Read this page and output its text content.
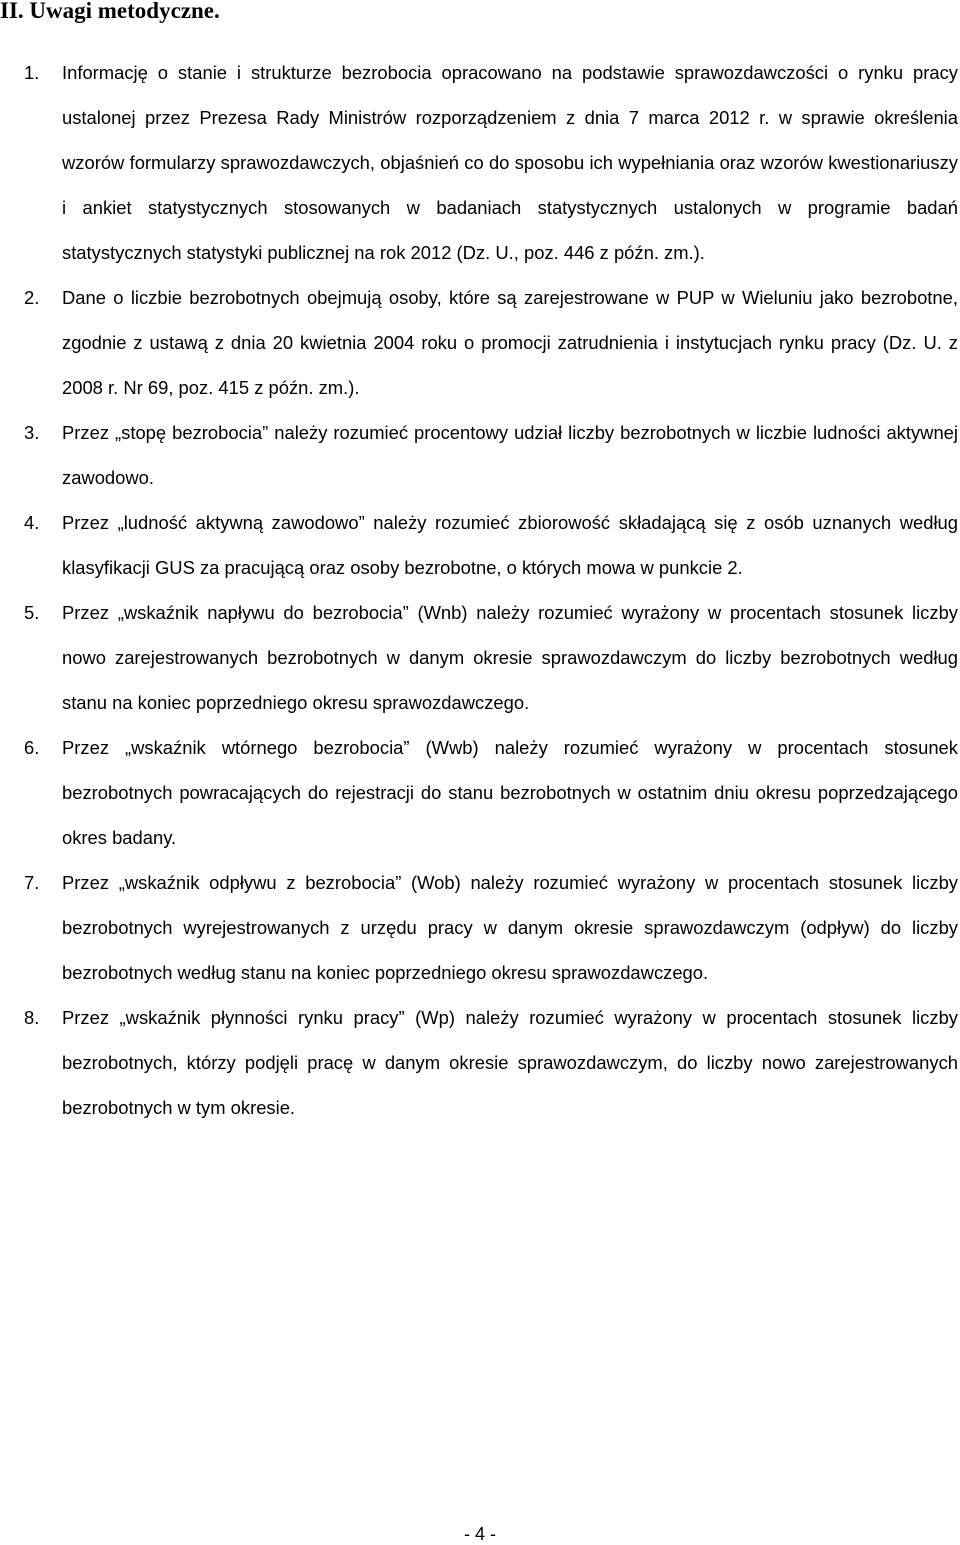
II. Uwagi metodyczne.
1. Informację o stanie i strukturze bezrobocia opracowano na podstawie sprawozdawczości o rynku pracy ustalonej przez Prezesa Rady Ministrów rozporządzeniem z dnia 7 marca 2012 r. w sprawie określenia wzorów formularzy sprawozdawczych, objaśnień co do sposobu ich wypełniania oraz wzorów kwestionariuszy i ankiet statystycznych stosowanych w badaniach statystycznych ustalonych w programie badań statystycznych statystyki publicznej na rok 2012 (Dz. U., poz. 446 z późn. zm.).
2. Dane o liczbie bezrobotnych obejmują osoby, które są zarejestrowane w PUP w Wieluniu jako bezrobotne, zgodnie z ustawą z dnia 20 kwietnia 2004 roku o promocji zatrudnienia i instytucjach rynku pracy (Dz. U. z 2008 r. Nr 69, poz. 415 z późn. zm.).
3. Przez „stopę bezrobocia” należy rozumieć procentowy udział liczby bezrobotnych w liczbie ludności aktywnej zawodowo.
4. Przez „ludność aktywną zawodowo” należy rozumieć zbiorowość składającą się z osób uznanych według klasyfikacji GUS za pracującą oraz osoby bezrobotne, o których mowa w punkcie 2.
5. Przez „wskaźnik napływu do bezrobocia” (Wnb) należy rozumieć wyrażony w procentach stosunek liczby nowo zarejestrowanych bezrobotnych w danym okresie sprawozdawczym do liczby bezrobotnych według stanu na koniec poprzedniego okresu sprawozdawczego.
6. Przez „wskaźnik wtórnego bezrobocia” (Wwb) należy rozumieć wyrażony w procentach stosunek bezrobotnych powracających do rejestracji do stanu bezrobotnych w ostatnim dniu okresu poprzedzającego okres badany.
7. Przez „wskaźnik odpływu z bezrobocia” (Wob) należy rozumieć wyrażony w procentach stosunek liczby bezrobotnych wyrejestrowanych z urzędu pracy w danym okresie sprawozdawczym (odpływ) do liczby bezrobotnych według stanu na koniec poprzedniego okresu sprawozdawczego.
8. Przez „wskaźnik płynności rynku pracy” (Wp) należy rozumieć wyrażony w procentach stosunek liczby bezrobotnych, którzy podjęli pracę w danym okresie sprawozdawczym, do liczby nowo zarejestrowanych bezrobotnych w tym okresie.
- 4 -
